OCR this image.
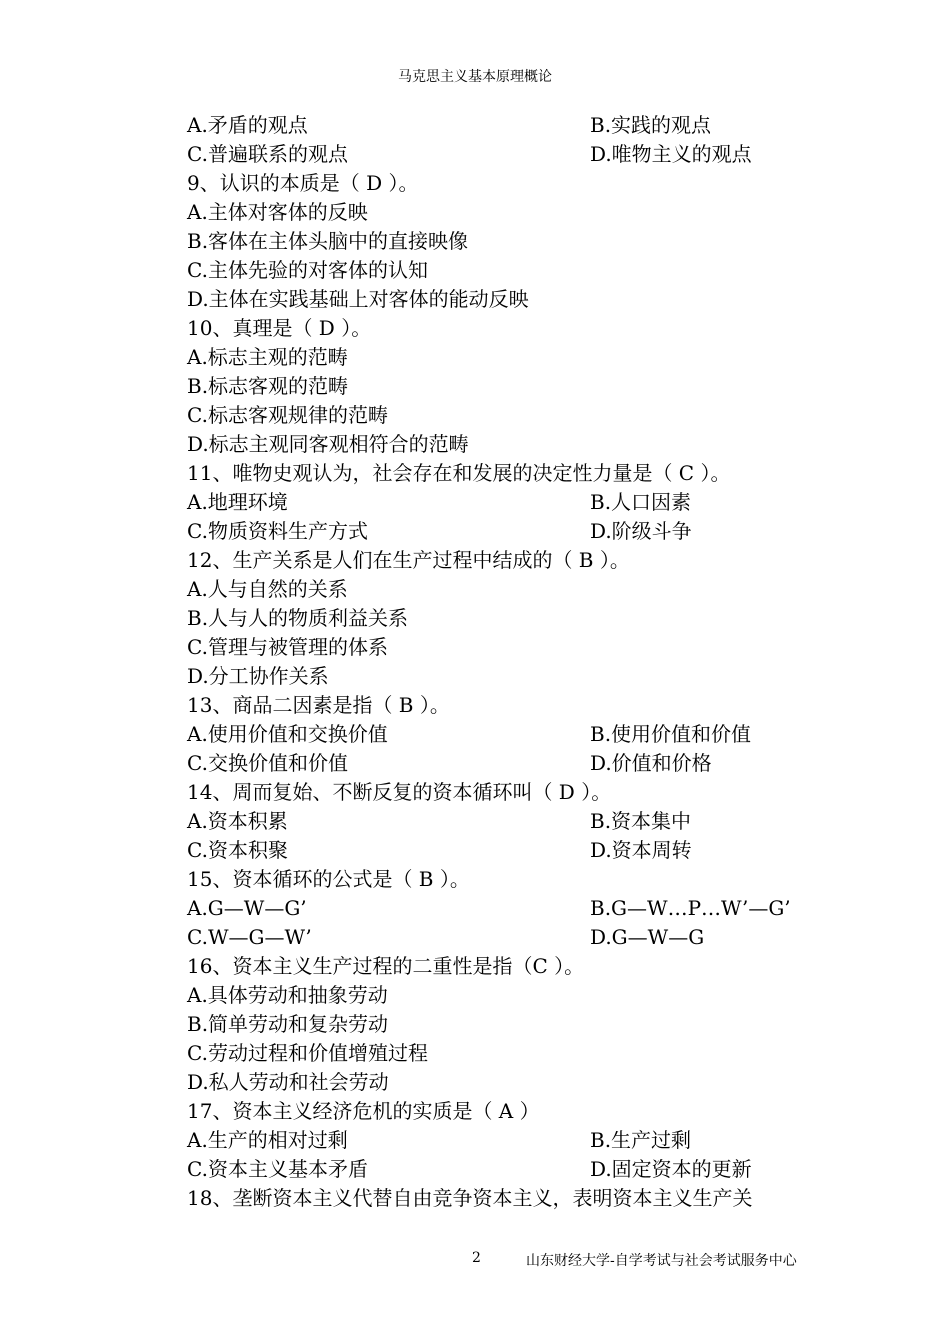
马克思主义基本原理概论
A.矛盾的观点	B.实践的观点
C.普遍联系的观点	D.唯物主义的观点
9、认识的本质是（ D ）。
A.主体对客体的反映
B.客体在主体头脑中的直接映像
C.主体先验的对客体的认知
D.主体在实践基础上对客体的能动反映
10、真理是（ D ）。
A.标志主观的范畴
B.标志客观的范畴
C.标志客观规律的范畴
D.标志主观同客观相符合的范畴
11、唯物史观认为，社会存在和发展的决定性力量是（ C ）。
A.地理环境	B.人口因素
C.物质资料生产方式	D.阶级斗争
12、生产关系是人们在生产过程中结成的（ B ）。
A.人与自然的关系
B.人与人的物质利益关系
C.管理与被管理的体系
D.分工协作关系
13、商品二因素是指（ B ）。
A.使用价值和交换价值	B.使用价值和价值
C.交换价值和价值	D.价值和价格
14、周而复始、不断反复的资本循环叫（ D ）。
A.资本积累	B.资本集中
C.资本积聚	D.资本周转
15、资本循环的公式是（ B ）。
A.G—W—G’	B.G—W…P…W’—G’
C.W—G—W’	D.G—W—G
16、资本主义生产过程的二重性是指（C ）。
A.具体劳动和抽象劳动
B.简单劳动和复杂劳动
C.劳动过程和价值增殖过程
D.私人劳动和社会劳动
17、资本主义经济危机的实质是（ A ）
A.生产的相对过剩	B.生产过剩
C.资本主义基本矛盾	D.固定资本的更新
18、垄断资本主义代替自由竞争资本主义，表明资本主义生产关
2	山东财经大学-自学考试与社会考试服务中心
